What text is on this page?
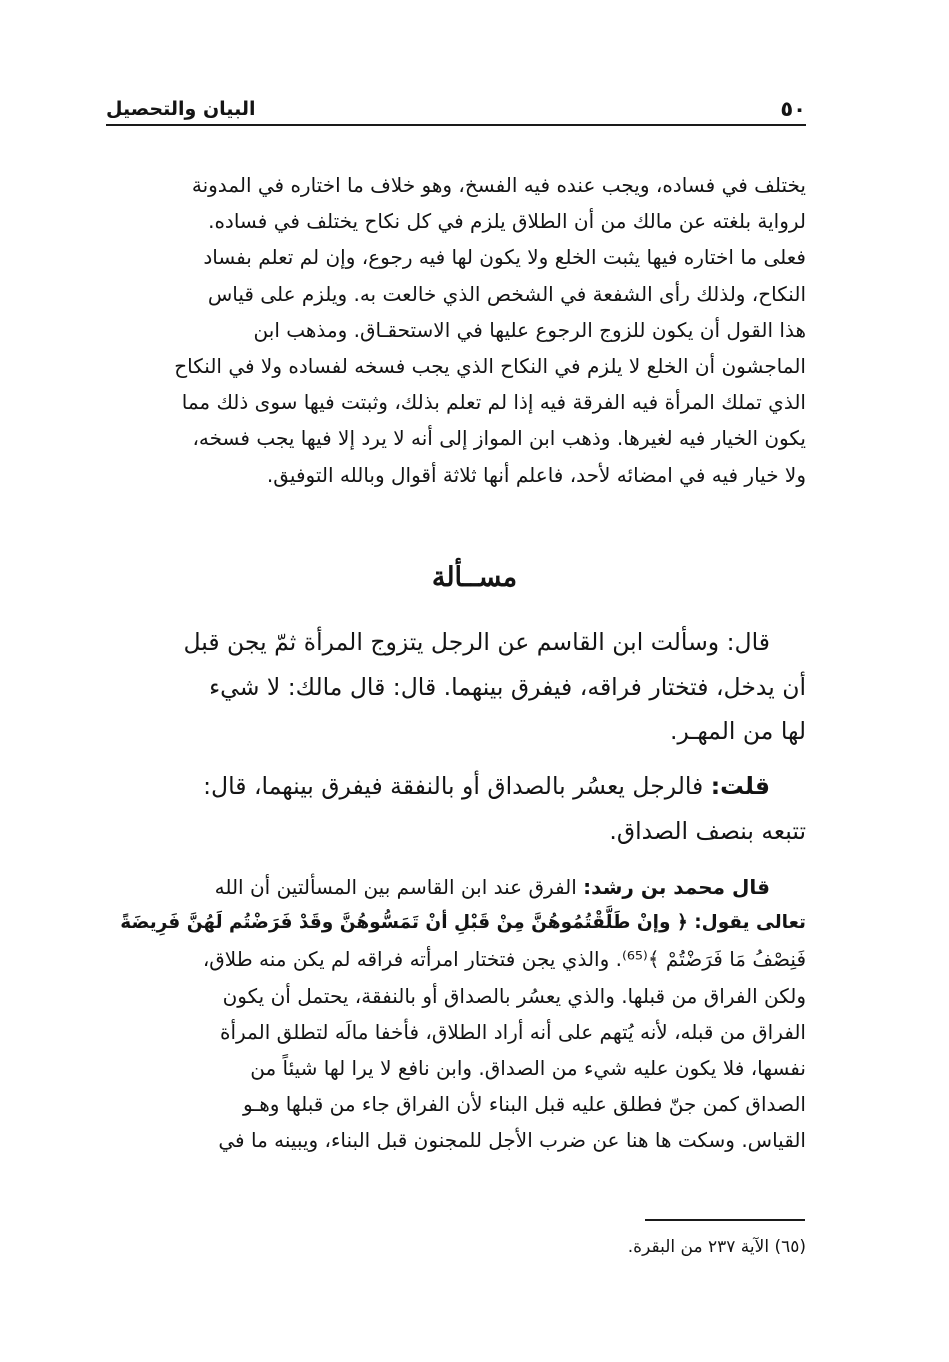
٥٠
البيان والتحصيل
يختلف في فساده، ويجب عنده فيه الفسخ، وهو خلاف ما اختاره في المدونة
لرواية بلغته عن مالك من أن الطلاق يلزم في كل نكاح يختلف في فساده.
فعلى ما اختاره فيها يثبت الخلع ولا يكون لها فيه رجوع، وإن لم تعلم بفساد
النكاح، ولذلك رأى الشفعة في الشخص الذي خالعت به. ويلزم على قياس
هذا القول أن يكون للزوج الرجوع عليها في الاستحقـاق. ومذهب ابن
الماجشون أن الخلع لا يلزم في النكاح الذي يجب فسخه لفساده ولا في النكاح
الذي تملك المرأة فيه الفرقة فيه إذا لم تعلم بذلك، وثبتت فيها سوى ذلك مما
يكون الخيار فيه لغيرها. وذهب ابن المواز إلى أنه لا يرد إلا فيها يجب فسخه،
ولا خيار فيه في امضائه لأحد، فاعلم أنها ثلاثة أقوال وبالله التوفيق.
مســألة
قال: وسألت ابن القاسم عن الرجل يتزوج المرأة ثمّ يجن قبل
أن يدخل، فتختار فراقه، فيفرق بينهما. قال: قال مالك: لا شيء
لها من المهـر.
قلت: فالرجل يعسُر بالصداق أو بالنفقة فيفرق بينهما، قال:
تتبعه بنصف الصداق.
قال محمد بن رشد: الفرق عند ابن القاسم بين المسألتين أن الله
تعالى يقول: ﴿ وإنْ طَلَّقْتُمُوهُنَّ مِنْ قَبْلِ أنْ تَمَسُّوهُنَّ وقَدْ فَرَضْتُم لَهُنَّ فَرِيضَةً
فَنِصْفُ مَا فَرَضْتُمْ ﴾⁽⁶⁵⁾. والذي يجن فتختار امرأته فراقه لم يكن منه طلاق،
ولكن الفراق من قبلها. والذي يعسُر بالصداق أو بالنفقة، يحتمل أن يكون
الفراق من قبله، لأنه يُتهم على أنه أراد الطلاق، فأخفا مالَه لتطلق المرأة
نفسها، فلا يكون عليه شيء من الصداق. وابن نافع لا يرا لها شيئاً من
الصداق كمن جنّ فطلق عليه قبل البناء لأن الفراق جاء من قبلها وهـو
القياس. وسكت ها هنا عن ضرب الأجل للمجنون قبل البناء، ويبينه ما في
(٦٥) الآية ٢٣٧ من البقرة.
